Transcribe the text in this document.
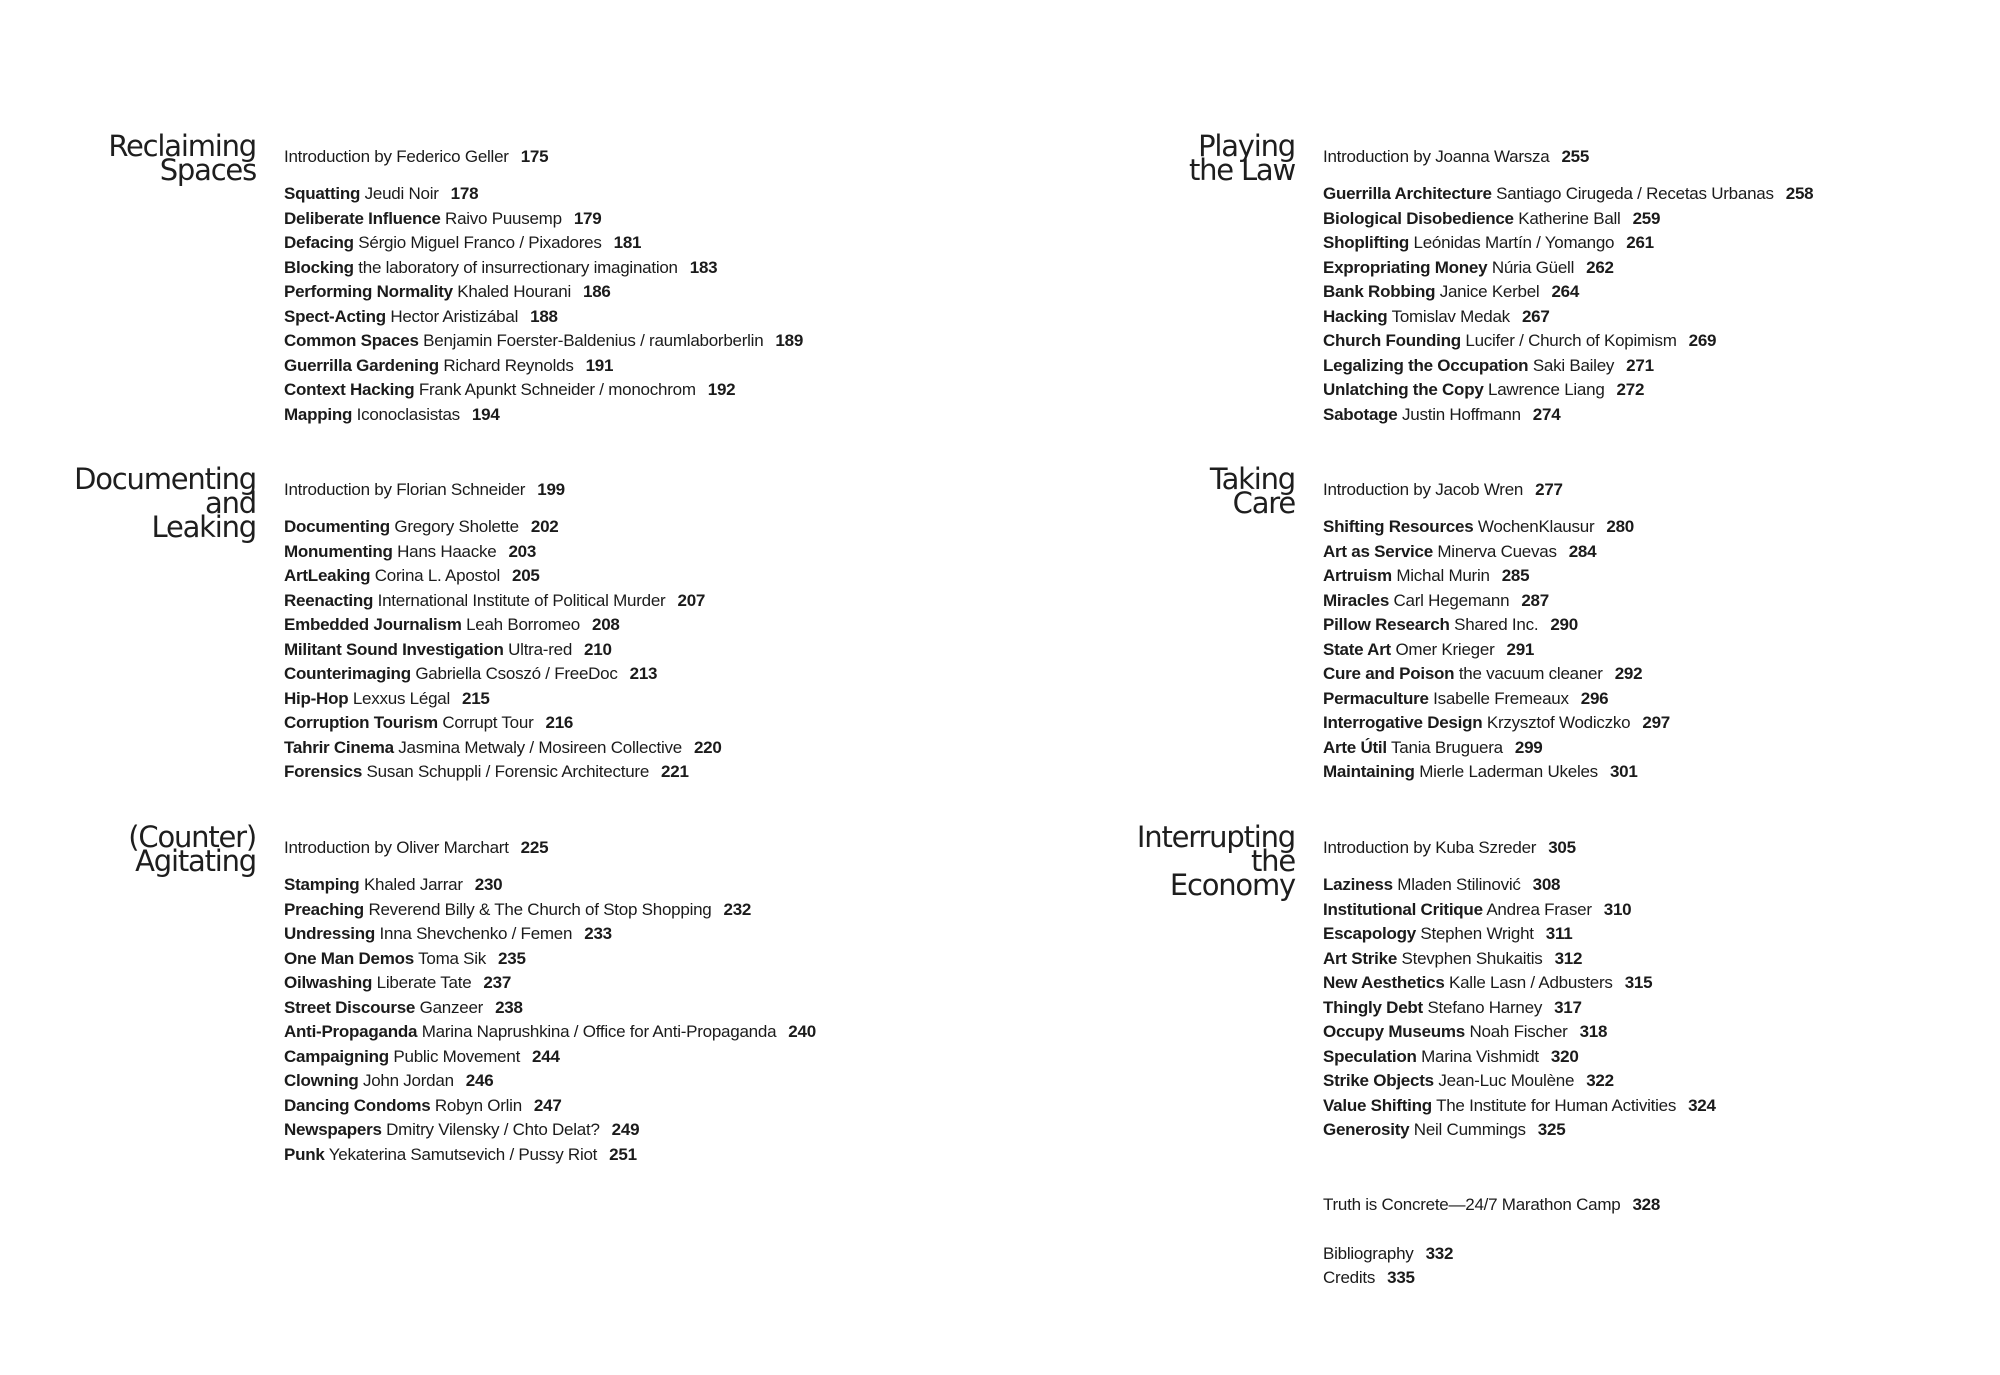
Reclaiming
Spaces Introduction by Federico Geller 175
Squatting Jeudi Noir 178
Deliberate Influence Raivo Puusemp 179
Defacing Sérgio Miguel Franco / Pixadores 181
Blocking the laboratory of insurrectionary imagination 183
Performing Normality Khaled Hourani 186
Spect-Acting Hector Aristizábal 188
Common Spaces Benjamin Foerster-Baldenius / raumlaborberlin 189
Guerrilla Gardening Richard Reynolds 191
Context Hacking Frank Apunkt Schneider / monochrom 192
Mapping Iconoclasistas 194
Documenting
and
Leaking
Introduction by Florian Schneider 199
Documenting Gregory Sholette 202
Monumenting Hans Haacke 203
ArtLeaking Corina L. Apostol 205
Reenacting International Institute of Political Murder 207
Embedded Journalism Leah Borromeo 208
Militant Sound Investigation Ultra-red 210
Counterimaging Gabriella Csoszó / FreeDoc 213
Hip-Hop Lexxus Légal 215
Corruption Tourism Corrupt Tour 216
Tahrir Cinema Jasmina Metwaly / Mosireen Collective 220
Forensics Susan Schuppli / Forensic Architecture 221
(Counter)
Agitating Introduction by Oliver Marchart 225
Stamping Khaled Jarrar 230
Preaching Reverend Billy & The Church of Stop Shopping 232
Undressing Inna Shevchenko / Femen 233
One Man Demos Toma Sik 235
Oilwashing Liberate Tate 237
Street Discourse Ganzeer 238
Anti-Propaganda Marina Naprushkina / Office for Anti-Propaganda 240
Campaigning Public Movement 244
Clowning John Jordan 246
Dancing Condoms Robyn Orlin 247
Newspapers Dmitry Vilensky / Chto Delat? 249
Punk Yekaterina Samutsevich / Pussy Riot 251
Playing
the Law Introduction by Joanna Warsza 255
Guerrilla Architecture Santiago Cirugeda / Recetas Urbanas 258
Biological Disobedience Katherine Ball 259
Shoplifting Leónidas Martín / Yomango 261
Expropriating Money Núria Güell 262
Bank Robbing Janice Kerbel 264
Hacking Tomislav Medak 267
Church Founding Lucifer / Church of Kopimism 269
Legalizing the Occupation Saki Bailey 271
Unlatching the Copy Lawrence Liang 272
Sabotage Justin Hoffmann 274
Taking
Care Introduction by Jacob Wren 277
Shifting Resources WochenKlausur 280
Art as Service Minerva Cuevas 284
Artruism Michal Murin 285
Miracles Carl Hegemann 287
Pillow Research Shared Inc. 290
State Art Omer Krieger 291
Cure and Poison the vacuum cleaner 292
Permaculture Isabelle Fremeaux 296
Interrogative Design Krzysztof Wodiczko 297
Arte Útil Tania Bruguera 299
Maintaining Mierle Laderman Ukeles 301
Interrupting
the
Economy
Introduction by Kuba Szreder 305
Laziness Mladen Stilinović 308
Institutional Critique Andrea Fraser 310
Escapology Stephen Wright 311
Art Strike Stevphen Shukaitis 312
New Aesthetics Kalle Lasn / Adbusters 315
Thingly Debt Stefano Harney 317
Occupy Museums Noah Fischer 318
Speculation Marina Vishmidt 320
Strike Objects Jean-Luc Moulène 322
Value Shifting The Institute for Human Activities 324
Generosity Neil Cummings 325
Truth is Concrete—24/7 Marathon Camp 328
Bibliography 332
Credits 335
